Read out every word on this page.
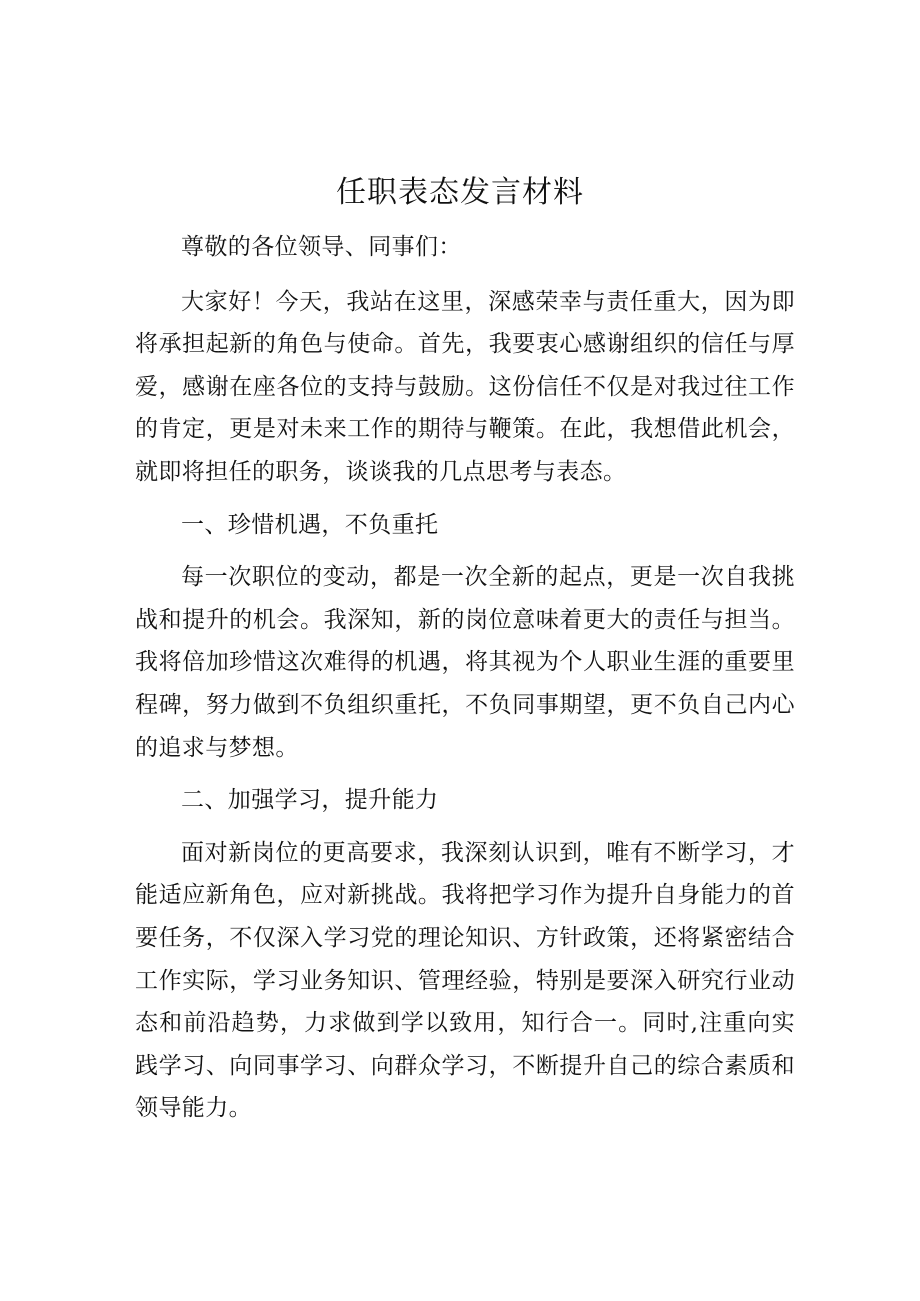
任职表态发言材料

尊敬的各位领导、同事们：

大家好！今天，我站在这里，深感荣幸与责任重大，因为即将承担起新的角色与使命。首先，我要衷心感谢组织的信任与厚爱，感谢在座各位的支持与鼓励。这份信任不仅是对我过往工作的肯定，更是对未来工作的期待与鞭策。在此，我想借此机会，就即将担任的职务，谈谈我的几点思考与表态。

一、珍惜机遇，不负重托

每一次职位的变动，都是一次全新的起点，更是一次自我挑战和提升的机会。我深知，新的岗位意味着更大的责任与担当。我将倍加珍惜这次难得的机遇，将其视为个人职业生涯的重要里程碑，努力做到不负组织重托，不负同事期望，更不负自己内心的追求与梦想。

二、加强学习，提升能力

面对新岗位的更高要求，我深刻认识到，唯有不断学习，才能适应新角色，应对新挑战。我将把学习作为提升自身能力的首要任务，不仅深入学习党的理论知识、方针政策，还将紧密结合工作实际，学习业务知识、管理经验，特别是要深入研究行业动态和前沿趋势，力求做到学以致用，知行合一。同时,注重向实践学习、向同事学习、向群众学习，不断提升自己的综合素质和领导能力。
